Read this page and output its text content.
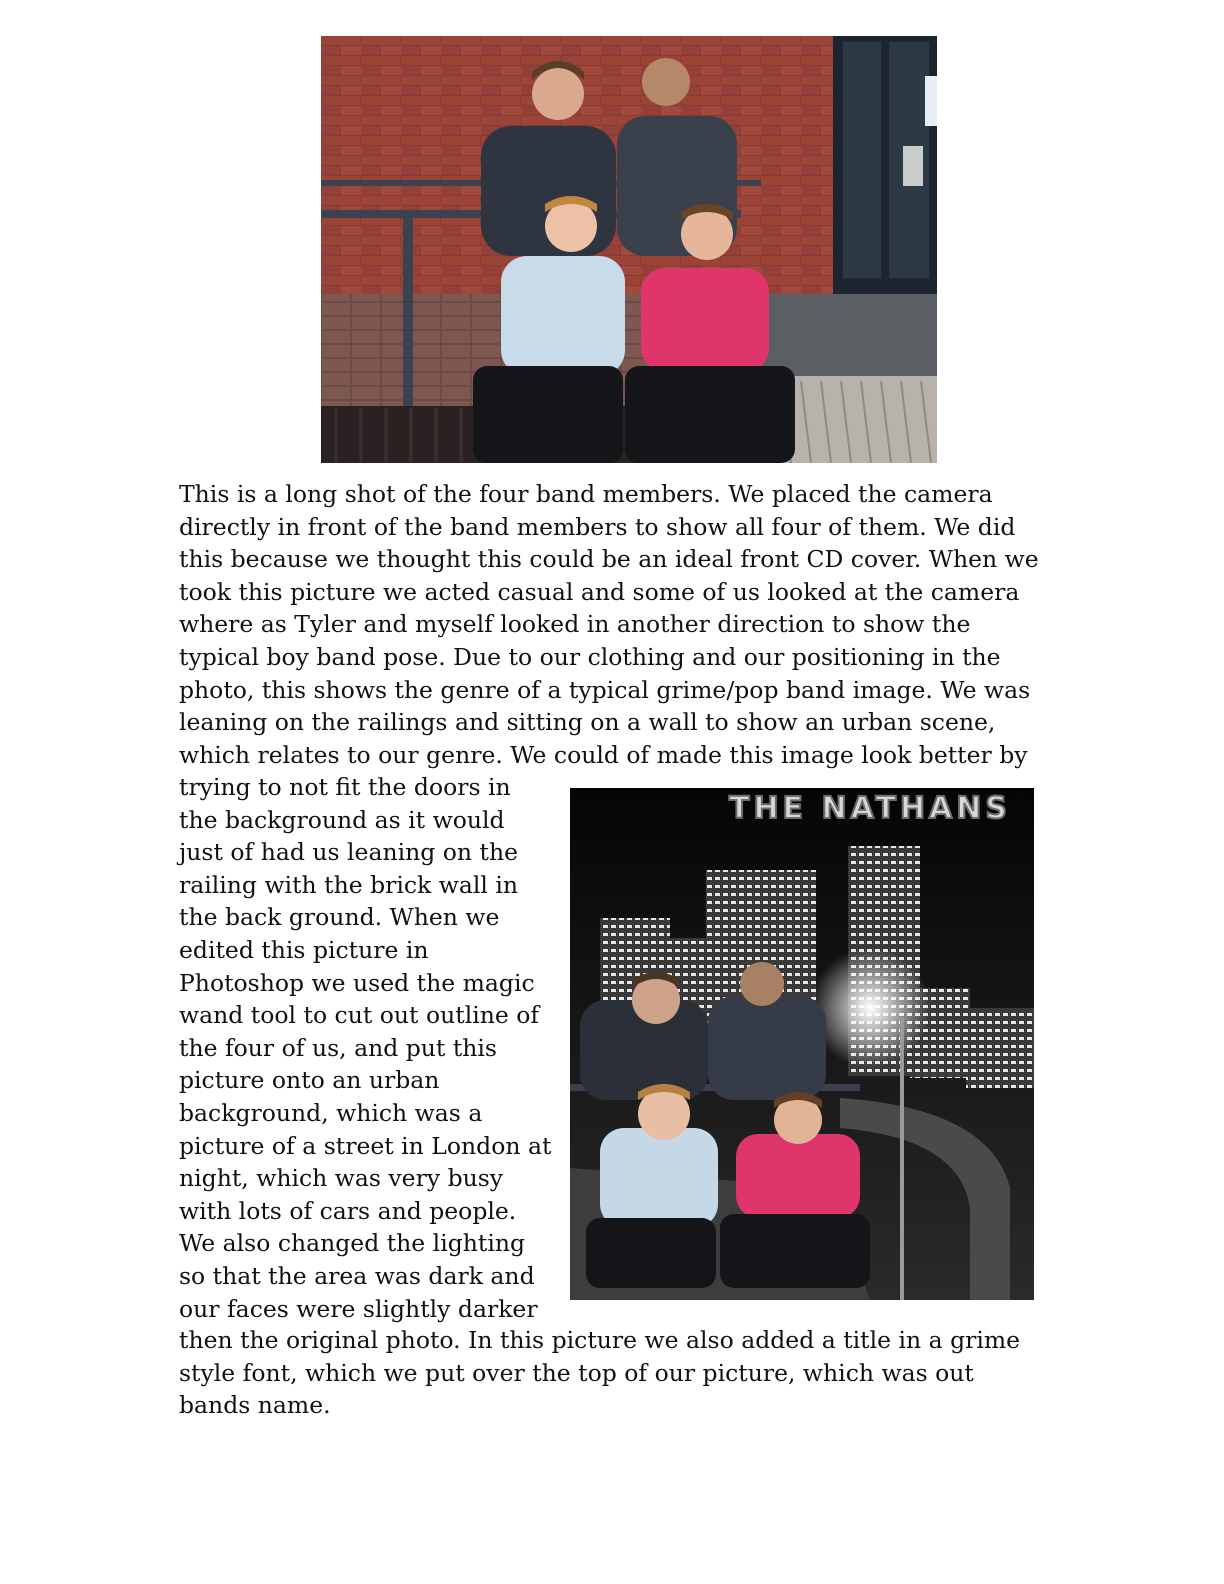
This is a long shot of the four band members. We placed the camera
directly in front of the band members to show all four of them. We did
this because we thought this could be an ideal front CD cover. When we
took this picture we acted casual and some of us looked at the camera
where as Tyler and myself looked in another direction to show the
typical boy band pose. Due to our clothing and our positioning in the
photo, this shows the genre of a typical grime/pop band image. We was
leaning on the railings and sitting on a wall to show an urban scene,
which relates to our genre. We could of made this image look better by
trying to not fit the doors in
the background as it would
just of had us leaning on the
railing with the brick wall in
the back ground. When we
edited this picture in
Photoshop we used the magic
wand tool to cut out outline of
the four of us, and put this
picture onto an urban
background, which was a
picture of a street in London at
night, which was very busy
with lots of cars and people.
We also changed the lighting
so that the area was dark and
our faces were slightly darker
THE NATHANS
then the original photo. In this picture we also added a title in a grime
style font, which we put over the top of our picture, which was out
bands name.
